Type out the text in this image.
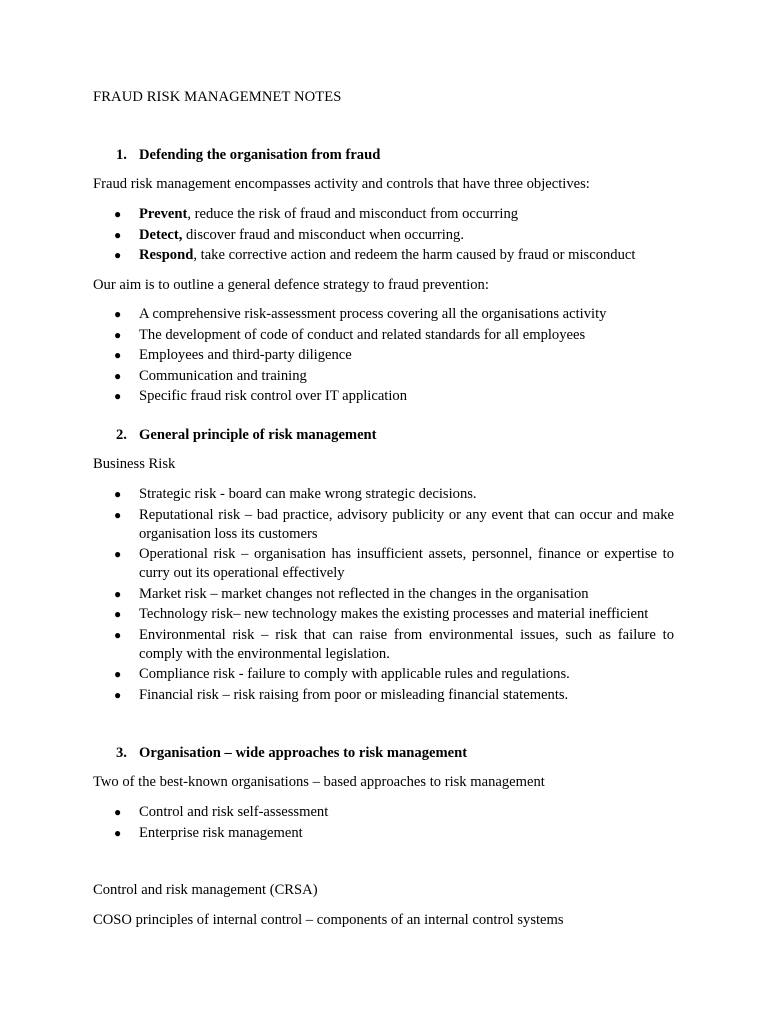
FRAUD RISK MANAGEMNET NOTES

1. Defending the organisation from fraud

Fraud risk management encompasses activity and controls that have three objectives:

● Prevent, reduce the risk of fraud and misconduct from occurring
● Detect, discover fraud and misconduct when occurring.
● Respond, take corrective action and redeem the harm caused by fraud or misconduct

Our aim is to outline a general defence strategy to fraud prevention:

● A comprehensive risk-assessment process covering all the organisations activity
● The development of code of conduct and related standards for all employees
● Employees and third-party diligence
● Communication and training
● Specific fraud risk control over IT application

2. General principle of risk management

Business Risk

● Strategic risk - board can make wrong strategic decisions.
● Reputational risk – bad practice, advisory publicity or any event that can occur and make organisation loss its customers
● Operational risk – organisation has insufficient assets, personnel, finance or expertise to curry out its operational effectively
● Market risk – market changes not reflected in the changes in the organisation
● Technology risk– new technology makes the existing processes and material inefficient
● Environmental risk – risk that can raise from environmental issues, such as failure to comply with the environmental legislation.
● Compliance risk - failure to comply with applicable rules and regulations.
● Financial risk – risk raising from poor or misleading financial statements.

3. Organisation – wide approaches to risk management

Two of the best-known organisations – based approaches to risk management

● Control and risk self-assessment
● Enterprise risk management

Control and risk management (CRSA)

COSO principles of internal control – components of an internal control systems
